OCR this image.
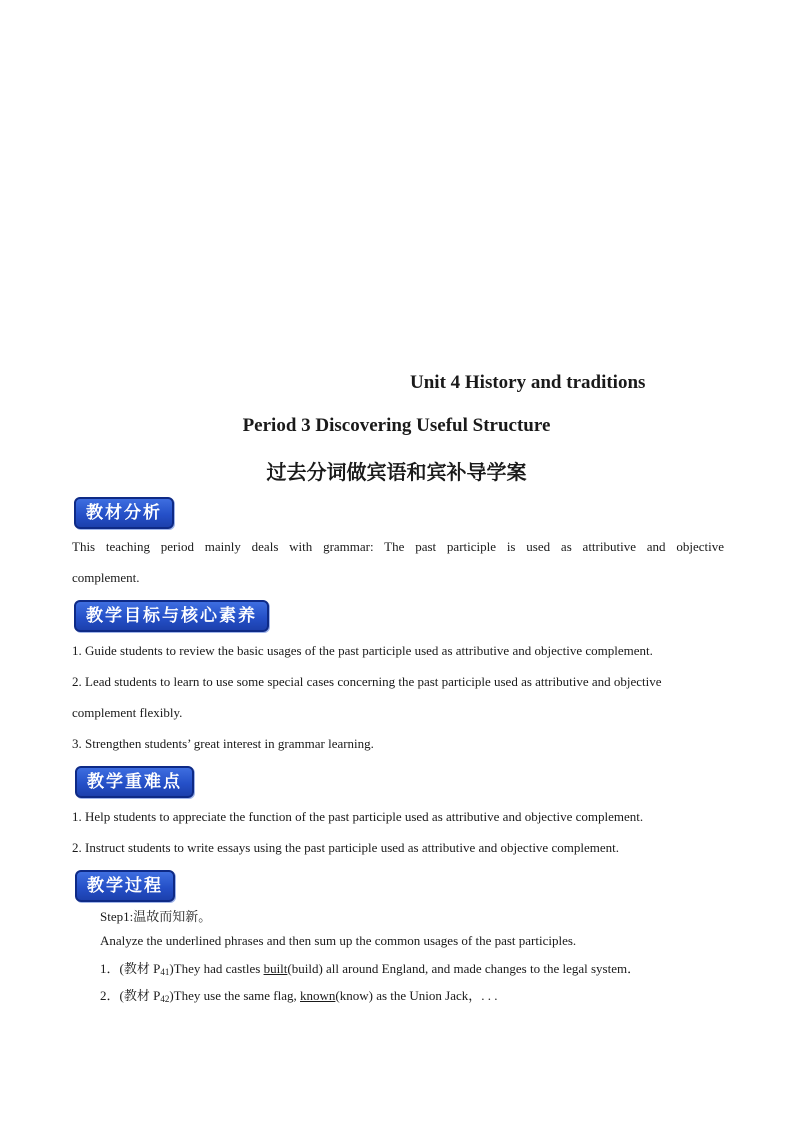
Unit 4 History and traditions
Period 3 Discovering Useful Structure
过去分词做宾语和宾补导学案
教材分析
This teaching period mainly deals with grammar: The past participle is used as attributive and objective
complement.
教学目标与核心素养
1. Guide students to review the basic usages of the past participle used as attributive and objective complement.
2. Lead students to learn to use some special cases concerning the past participle used as attributive and objective
complement flexibly.
3. Strengthen students’ great interest in grammar learning.
教学重难点
1. Help students to appreciate the function of the past participle used as attributive and objective complement.
2. Instruct students to write essays using the past participle used as attributive and objective complement.
教学过程
Step1:温故而知新。
Analyze the underlined phrases and then sum up the common usages of the past participles.
1．(教材 $P_{41})They$ had castles built(build) all around England, and made changes to the legal system．
2．(教材 $P_{42})They$ use the same flag, known(know) as the Union Jack，. . .
